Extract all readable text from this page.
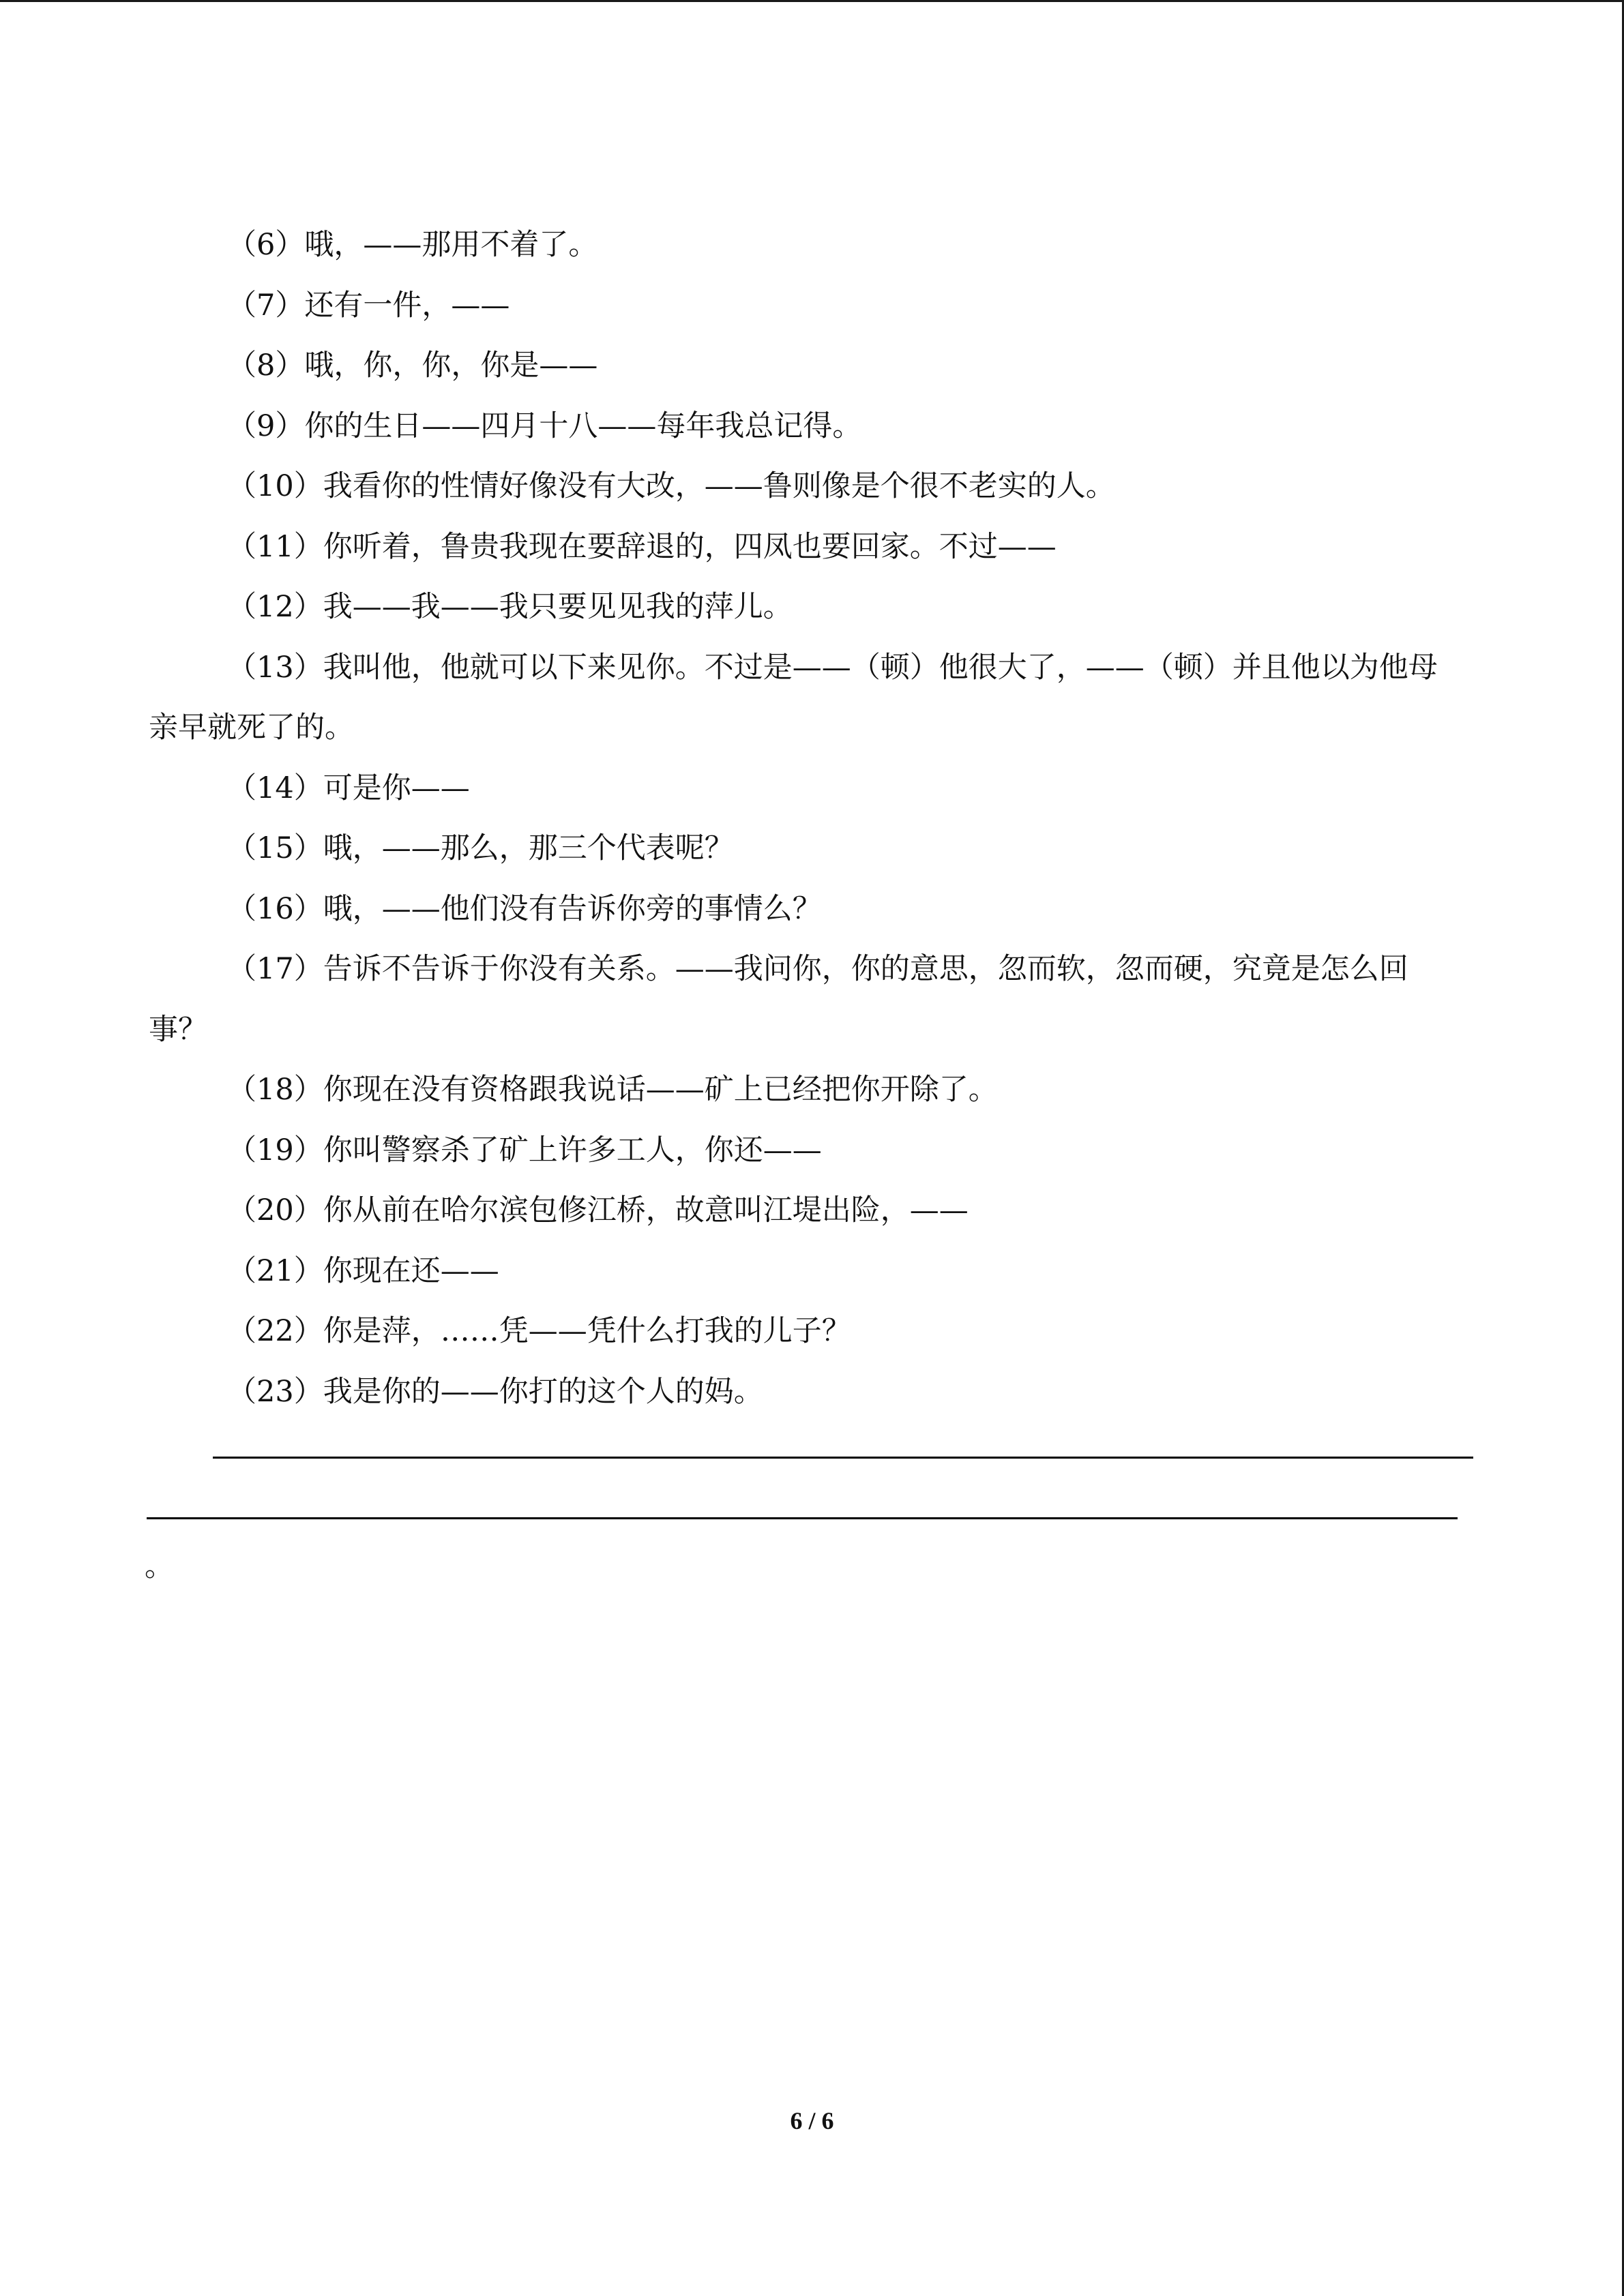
（6）哦，——那用不着了。

（7）还有一件，——

（8）哦，你，你，你是——

（9）你的生日——四月十八——每年我总记得。

（10）我看你的性情好像没有大改，——鲁则像是个很不老实的人。

（11）你听着，鲁贵我现在要辞退的，四凤也要回家。不过——

（12）我——我——我只要见见我的萍儿。

（13）我叫他，他就可以下来见你。不过是——（顿）他很大了，——（顿）并且他以为他母亲早就死了的。

（14）可是你——

（15）哦，——那么，那三个代表呢？

（16）哦，——他们没有告诉你旁的事情么？

（17）告诉不告诉于你没有关系。——我问你，你的意思，忽而软，忽而硬，究竟是怎么回事？

（18）你现在没有资格跟我说话——矿上已经把你开除了。

（19）你叫警察杀了矿上许多工人，你还——

（20）你从前在哈尔滨包修江桥，故意叫江堤出险，——

（21）你现在还——

（22）你是萍，……凭——凭什么打我的儿子？

（23）我是你的——你打的这个人的妈。

。
6 / 6
